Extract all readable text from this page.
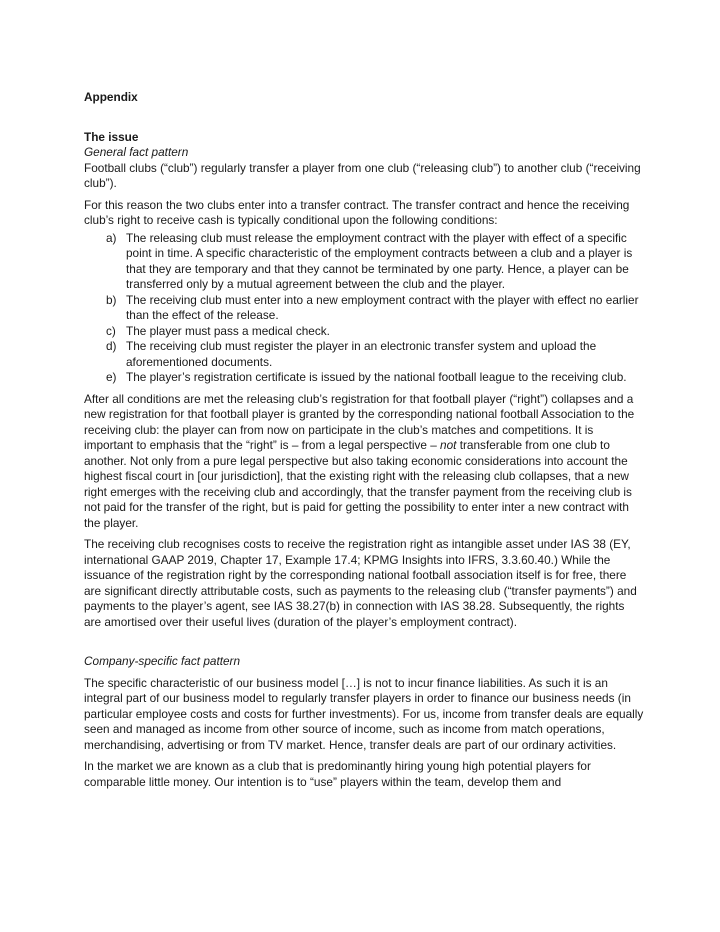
Appendix

The issue

General fact pattern

Football clubs (“club”) regularly transfer a player from one club (“releasing club”) to another club (“receiving club”).

For this reason the two clubs enter into a transfer contract. The transfer contract and hence the receiving club’s right to receive cash is typically conditional upon the following conditions:

a) The releasing club must release the employment contract with the player with effect of a specific point in time. A specific characteristic of the employment contracts between a club and a player is that they are temporary and that they cannot be terminated by one party. Hence, a player can be transferred only by a mutual agreement between the club and the player.
b) The receiving club must enter into a new employment contract with the player with effect no earlier than the effect of the release.
c) The player must pass a medical check.
d) The receiving club must register the player in an electronic transfer system and upload the aforementioned documents.
e) The player’s registration certificate is issued by the national football league to the receiving club.

After all conditions are met the releasing club’s registration for that football player (“right”) collapses and a new registration for that football player is granted by the corresponding national football Association to the receiving club: the player can from now on participate in the club’s matches and competitions. It is important to emphasis that the “right” is – from a legal perspective – not transferable from one club to another. Not only from a pure legal perspective but also taking economic considerations into account the highest fiscal court in [our jurisdiction], that the existing right with the releasing club collapses, that a new right emerges with the receiving club and accordingly, that the transfer payment from the receiving club is not paid for the transfer of the right, but is paid for getting the possibility to enter inter a new contract with the player.

The receiving club recognises costs to receive the registration right as intangible asset under IAS 38 (EY, international GAAP 2019, Chapter 17, Example 17.4; KPMG Insights into IFRS, 3.3.60.40.) While the issuance of the registration right by the corresponding national football association itself is for free, there are significant directly attributable costs, such as payments to the releasing club (“transfer payments”) and payments to the player’s agent, see IAS 38.27(b) in connection with IAS 38.28. Subsequently, the rights are amortised over their useful lives (duration of the player’s employment contract).

Company-specific fact pattern

The specific characteristic of our business model […] is not to incur finance liabilities. As such it is an integral part of our business model to regularly transfer players in order to finance our business needs (in particular employee costs and costs for further investments). For us, income from transfer deals are equally seen and managed as income from other source of income, such as income from match operations, merchandising, advertising or from TV market. Hence, transfer deals are part of our ordinary activities.

In the market we are known as a club that is predominantly hiring young high potential players for comparable little money. Our intention is to “use” players within the team, develop them and
